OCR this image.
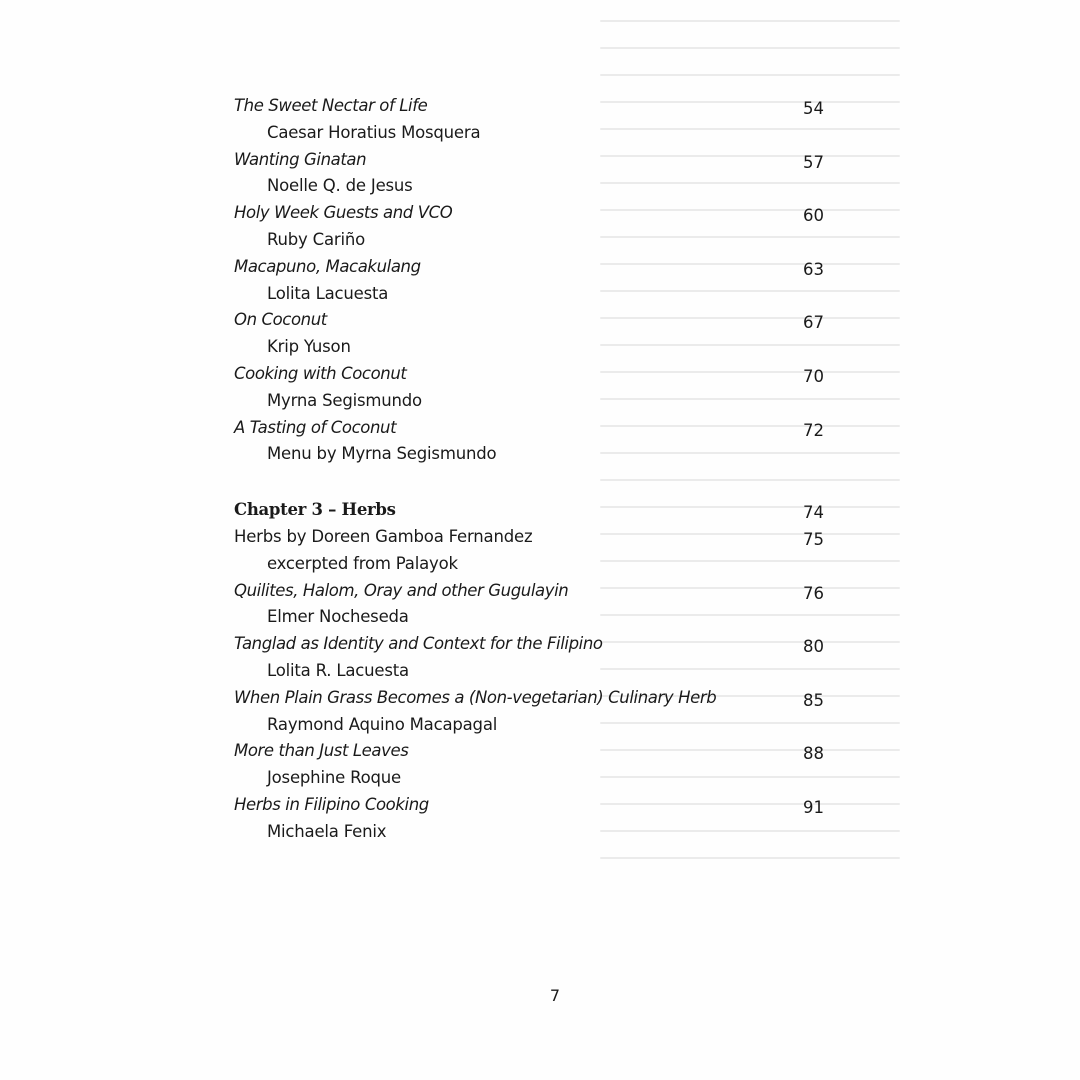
The Sweet Nectar of Life	54
Caesar Horatius Mosquera
Wanting Ginatan	57
Noelle Q. de Jesus
Holy Week Guests and VCO	60
Ruby Cariño
Macapuno, Macakulang	63
Lolita Lacuesta
On Coconut	67
Krip Yuson
Cooking with Coconut	70
Myrna Segismundo
A Tasting of Coconut	72
Menu by Myrna Segismundo
Chapter 3 – Herbs	74
Herbs by Doreen Gamboa Fernandez	75
excerpted from Palayok
Quilites, Halom, Oray and other Gugulayin	76
Elmer Nocheseda
Tanglad as Identity and Context for the Filipino	80
Lolita R. Lacuesta
When Plain Grass Becomes a (Non-vegetarian) Culinary Herb	85
Raymond Aquino Macapagal
More than Just Leaves	88
Josephine Roque
Herbs in Filipino Cooking	91
Michaela Fenix
7
